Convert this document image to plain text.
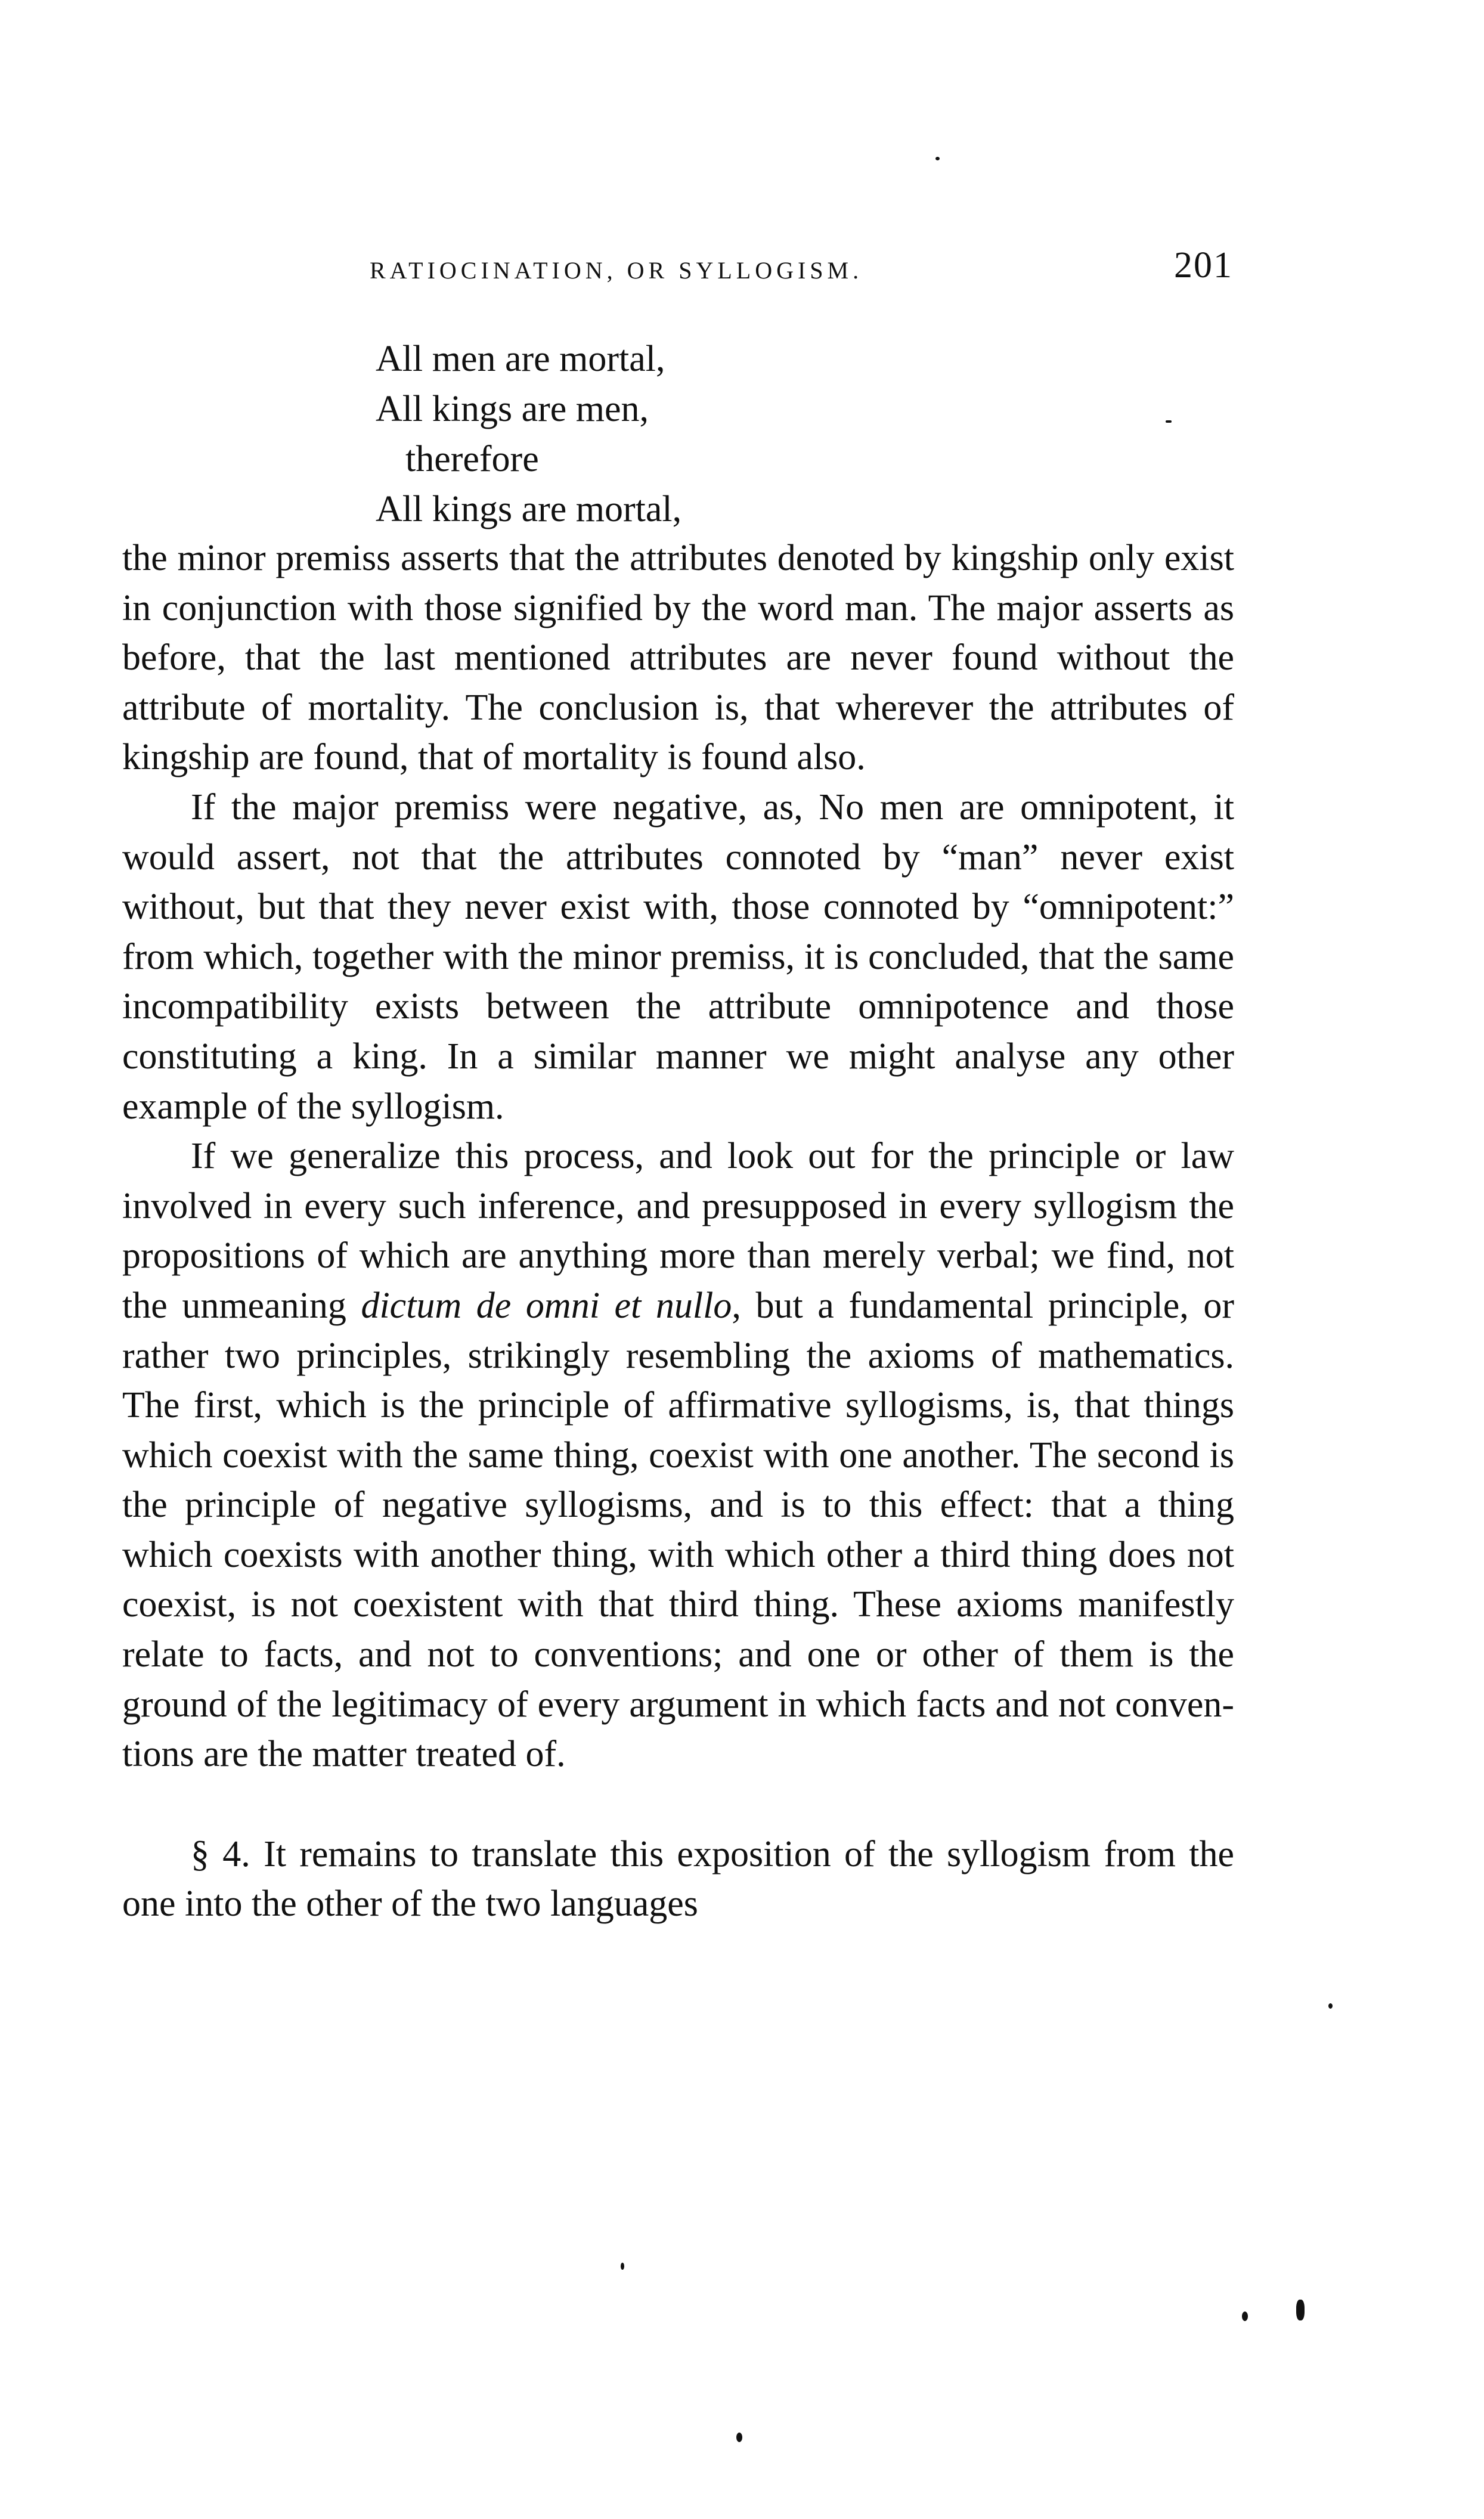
RATIOCINATION, OR SYLLOGISM.	201
All men are mortal,
All kings are men,
therefore
All kings are mortal,

the minor premiss asserts that the attributes denoted by kingship only exist in conjunction with those signified by the word man. The major asserts as before, that the last mentioned attributes are never found without the attribute of mortality. The conclusion is, that wherever the attributes of kingship are found, that of mortality is found also.

If the major premiss were negative, as, No men are omnipotent, it would assert, not that the attributes connoted by “man” never exist without, but that they never exist with, those connoted by “omnipotent:” from which, together with the minor premiss, it is concluded, that the same incompatibility exists between the attribute omnipotence and those constituting a king. In a similar manner we might analyse any other example of the syllogism.

If we generalize this process, and look out for the principle or law involved in every such inference, and presupposed in every syllogism the propositions of which are anything more than merely verbal; we find, not the unmeaning dictum de omni et nullo, but a fundamental principle, or rather two principles, strikingly resembling the axioms of mathematics. The first, which is the principle of affirmative syllogisms, is, that things which coexist with the same thing, coexist with one another. The second is the principle of negative syllogisms, and is to this effect: that a thing which coexists with another thing, with which other a third thing does not coexist, is not coexistent with that third thing. These axioms manifestly relate to facts, and not to conventions; and one or other of them is the ground of the legitimacy of every argument in which facts and not conventions are the matter treated of.

§ 4. It remains to translate this exposition of the syllogism from the one into the other of the two languages
